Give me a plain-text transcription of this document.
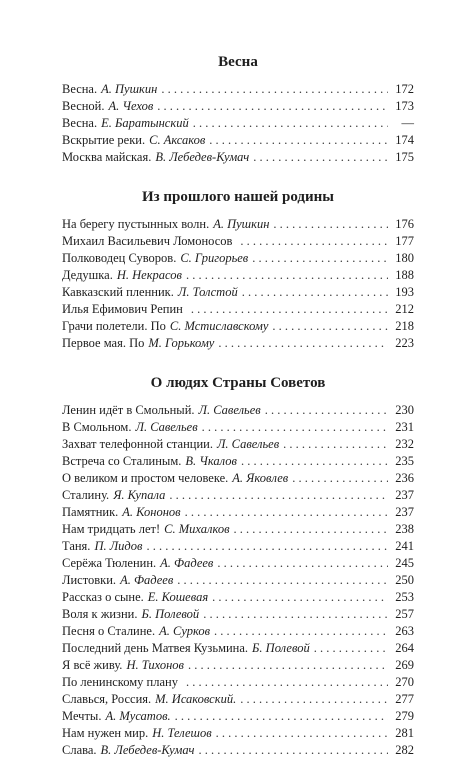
Весна
Весна. А. Пушкин . . .	172
Весной. А. Чехов . . .	173
Весна. Е. Баратынский . . .	—
Вскрытие реки. С. Аксаков . . .	174
Москва майская. В. Лебедев-Кумач . . .	175
Из прошлого нашей родины
На берегу пустынных волн. А. Пушкин . . .	176
Михаил Васильевич Ломоносов . . .	177
Полководец Суворов. С. Григорьев . . .	180
Дедушка. Н. Некрасов . . .	188
Кавказский пленник. Л. Толстой . . .	193
Илья Ефимович Репин . . .	212
Грачи полетели. По С. Мстиславскому . . .	218
Первое мая. По М. Горькому . . .	223
О людях Страны Советов
Ленин идёт в Смольный. Л. Савельев . . .	230
В Смольном. Л. Савельев . . .	231
Захват телефонной станции. Л. Савельев . . .	232
Встреча со Сталиным. В. Чкалов . . .	235
О великом и простом человеке. А. Яковлев . . .	236
Сталину. Я. Купала . . .	237
Памятник. А. Кононов . . .	237
Нам тридцать лет! С. Михалков . . .	238
Таня. П. Лидов . . .	241
Серёжа Тюленин. А. Фадеев . . .	245
Листовки. А. Фадеев . . .	250
Рассказ о сыне. Е. Кошевая . . .	253
Воля к жизни. Б. Полевой . . .	257
Песня о Сталине. А. Сурков . . .	263
Последний день Матвея Кузьмина. Б. Полевой . . .	264
Я всё живу. Н. Тихонов . . .	269
По ленинскому плану . . .	270
Славься, Россия. М. Исаковский. . . .	277
Мечты. А. Мусатов. . . .	279
Нам нужен мир. Н. Телешов . . .	281
Слава. В. Лебедев-Кумач . . .	282
